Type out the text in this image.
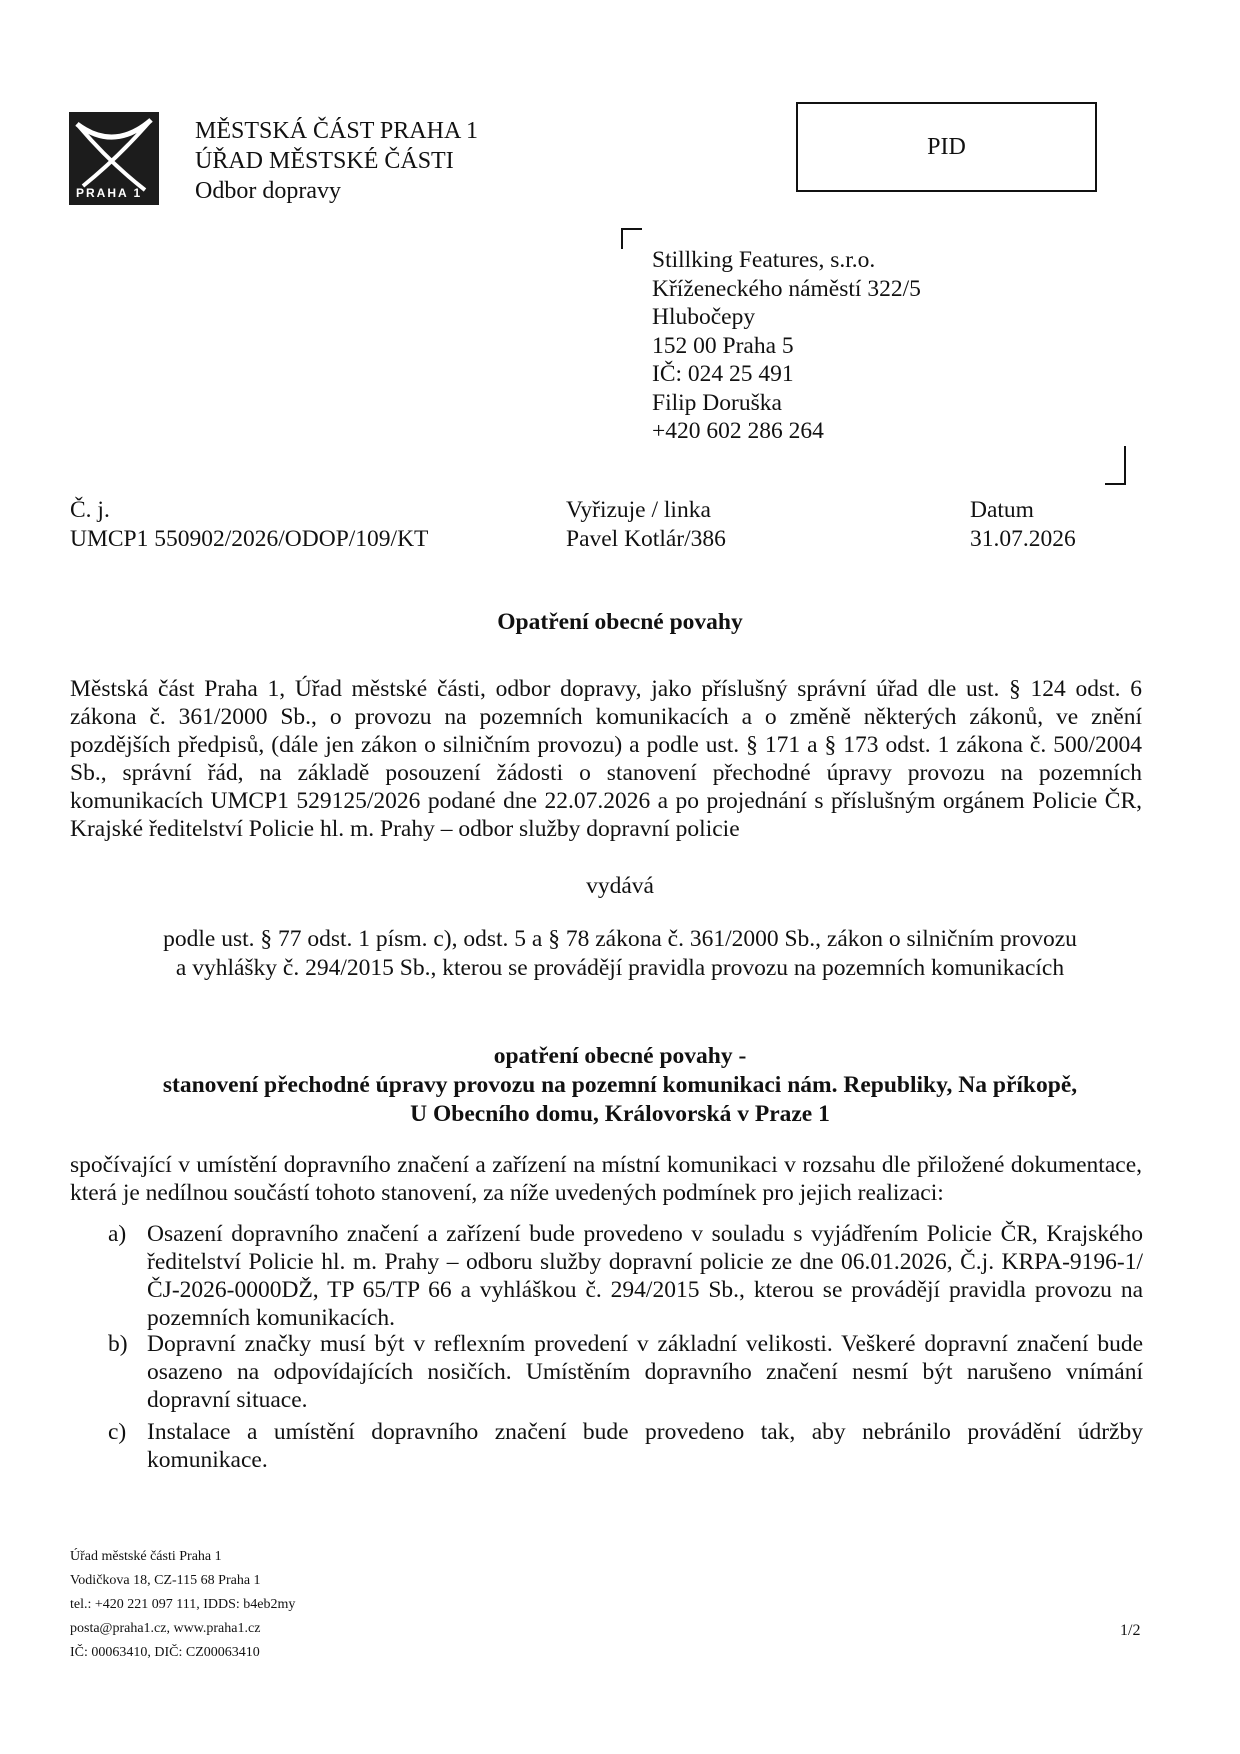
PRAHA 1
MĚSTSKÁ ČÁST PRAHA 1
ÚŘAD MĚSTSKÉ ČÁSTI
Odbor dopravy
PID
Stillking Features, s.r.o.
Kříženeckého náměstí 322/5
Hlubočepy
152 00 Praha 5
IČ: 024 25 491
Filip Doruška
+420 602 286 264
Č. j.
UMCP1 550902/2026/ODOP/109/KT
Vyřizuje / linka
Pavel Kotlár/386
Datum
31.07.2026
Opatření obecné povahy
Městská část Praha 1, Úřad městské části, odbor dopravy, jako příslušný správní úřad dle ust. § 124 odst. 6 zákona č. 361/2000 Sb., o provozu na pozemních komunikacích a o změně některých zákonů, ve znění pozdějších předpisů, (dále jen zákon o silničním provozu) a podle ust. § 171 a § 173 odst. 1 zákona č. 500/2004 Sb., správní řád, na základě posouzení žádosti o stanovení přechodné úpravy provozu na pozemních komunikacích UMCP1 529125/2026 podané dne 22.07.2026 a po projednání s příslušným orgánem Policie ČR, Krajské ředitelství Policie hl. m. Prahy – odbor služby dopravní policie
vydává
podle ust. § 77 odst. 1 písm. c), odst. 5 a § 78 zákona č. 361/2000 Sb., zákon o silničním provozu
a vyhlášky č. 294/2015 Sb., kterou se provádějí pravidla provozu na pozemních komunikacích
opatření obecné povahy -
stanovení přechodné úpravy provozu na pozemní komunikaci nám. Republiky, Na příkopě,
U Obecního domu, Královorská v Praze 1
spočívající v umístění dopravního značení a zařízení na místní komunikaci v rozsahu dle přiložené dokumentace, která je nedílnou součástí tohoto stanovení, za níže uvedených podmínek pro jejich realizaci:
a) Osazení dopravního značení a zařízení bude provedeno v souladu s vyjádřením Policie ČR, Krajského ředitelství Policie hl. m. Prahy – odboru služby dopravní policie ze dne 06.01.2026, Č.j. KRPA-9196-1/ČJ-2026-0000DŽ, TP 65/TP 66 a vyhláškou č. 294/2015 Sb., kterou se provádějí pravidla provozu na pozemních komunikacích.
b) Dopravní značky musí být v reflexním provedení v základní velikosti. Veškeré dopravní značení bude osazeno na odpovídajících nosičích. Umístěním dopravního značení nesmí být narušeno vnímání dopravní situace.
c) Instalace a umístění dopravního značení bude provedeno tak, aby nebránilo provádění údržby komunikace.
Úřad městské části Praha 1
Vodičkova 18, CZ-115 68 Praha 1
tel.: +420 221 097 111, IDDS: b4eb2my
posta@praha1.cz, www.praha1.cz
IČ: 00063410, DIČ: CZ00063410
1/2
